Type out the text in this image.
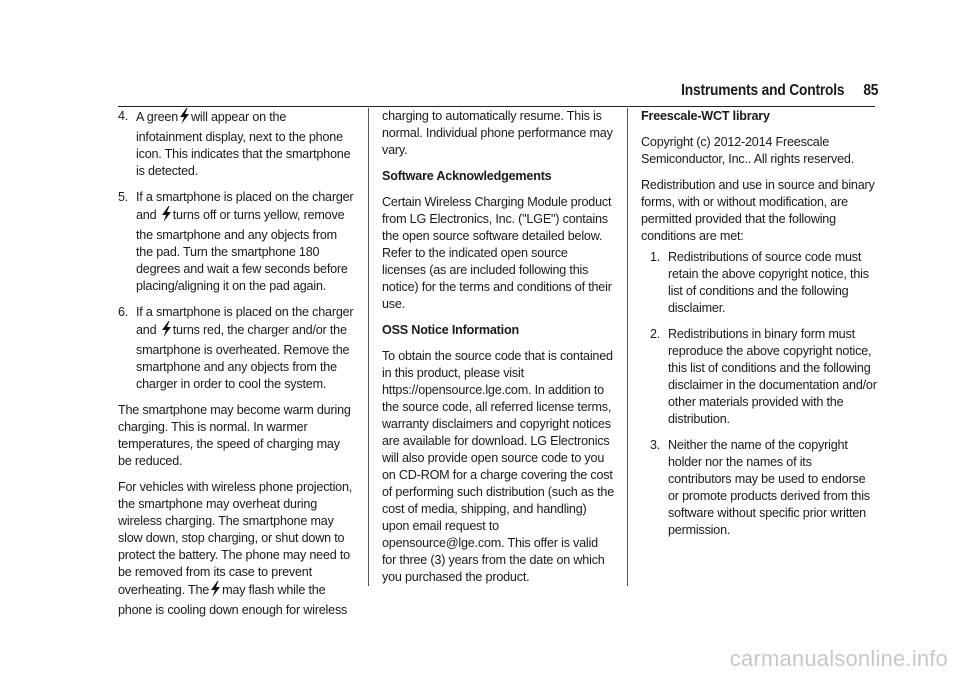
Instruments and Controls 85
4. A green will appear on the infotainment display, next to the phone icon. This indicates that the smartphone is detected.
5. If a smartphone is placed on the charger and turns off or turns yellow, remove the smartphone and any objects from the pad. Turn the smartphone 180 degrees and wait a few seconds before placing/aligning it on the pad again.
6. If a smartphone is placed on the charger and turns red, the charger and/or the smartphone is overheated. Remove the smartphone and any objects from the charger in order to cool the system.

The smartphone may become warm during charging. This is normal. In warmer temperatures, the speed of charging may be reduced.

For vehicles with wireless phone projection, the smartphone may overheat during wireless charging. The smartphone may slow down, stop charging, or shut down to protect the battery. The phone may need to be removed from its case to prevent overheating. The may flash while the phone is cooling down enough for wireless

charging to automatically resume. This is normal. Individual phone performance may vary.

Software Acknowledgements

Certain Wireless Charging Module product from LG Electronics, Inc. ("LGE") contains the open source software detailed below. Refer to the indicated open source licenses (as are included following this notice) for the terms and conditions of their use.

OSS Notice Information

To obtain the source code that is contained in this product, please visit https://opensource.lge.com. In addition to the source code, all referred license terms, warranty disclaimers and copyright notices are available for download. LG Electronics will also provide open source code to you on CD-ROM for a charge covering the cost of performing such distribution (such as the cost of media, shipping, and handling) upon email request to opensource@lge.com. This offer is valid for three (3) years from the date on which you purchased the product.

Freescale-WCT library

Copyright (c) 2012-2014 Freescale Semiconductor, Inc.. All rights reserved.

Redistribution and use in source and binary forms, with or without modification, are permitted provided that the following conditions are met:

1. Redistributions of source code must retain the above copyright notice, this list of conditions and the following disclaimer.
2. Redistributions in binary form must reproduce the above copyright notice, this list of conditions and the following disclaimer in the documentation and/or other materials provided with the distribution.
3. Neither the name of the copyright holder nor the names of its contributors may be used to endorse or promote products derived from this software without specific prior written permission.
carmanualsonline.info
